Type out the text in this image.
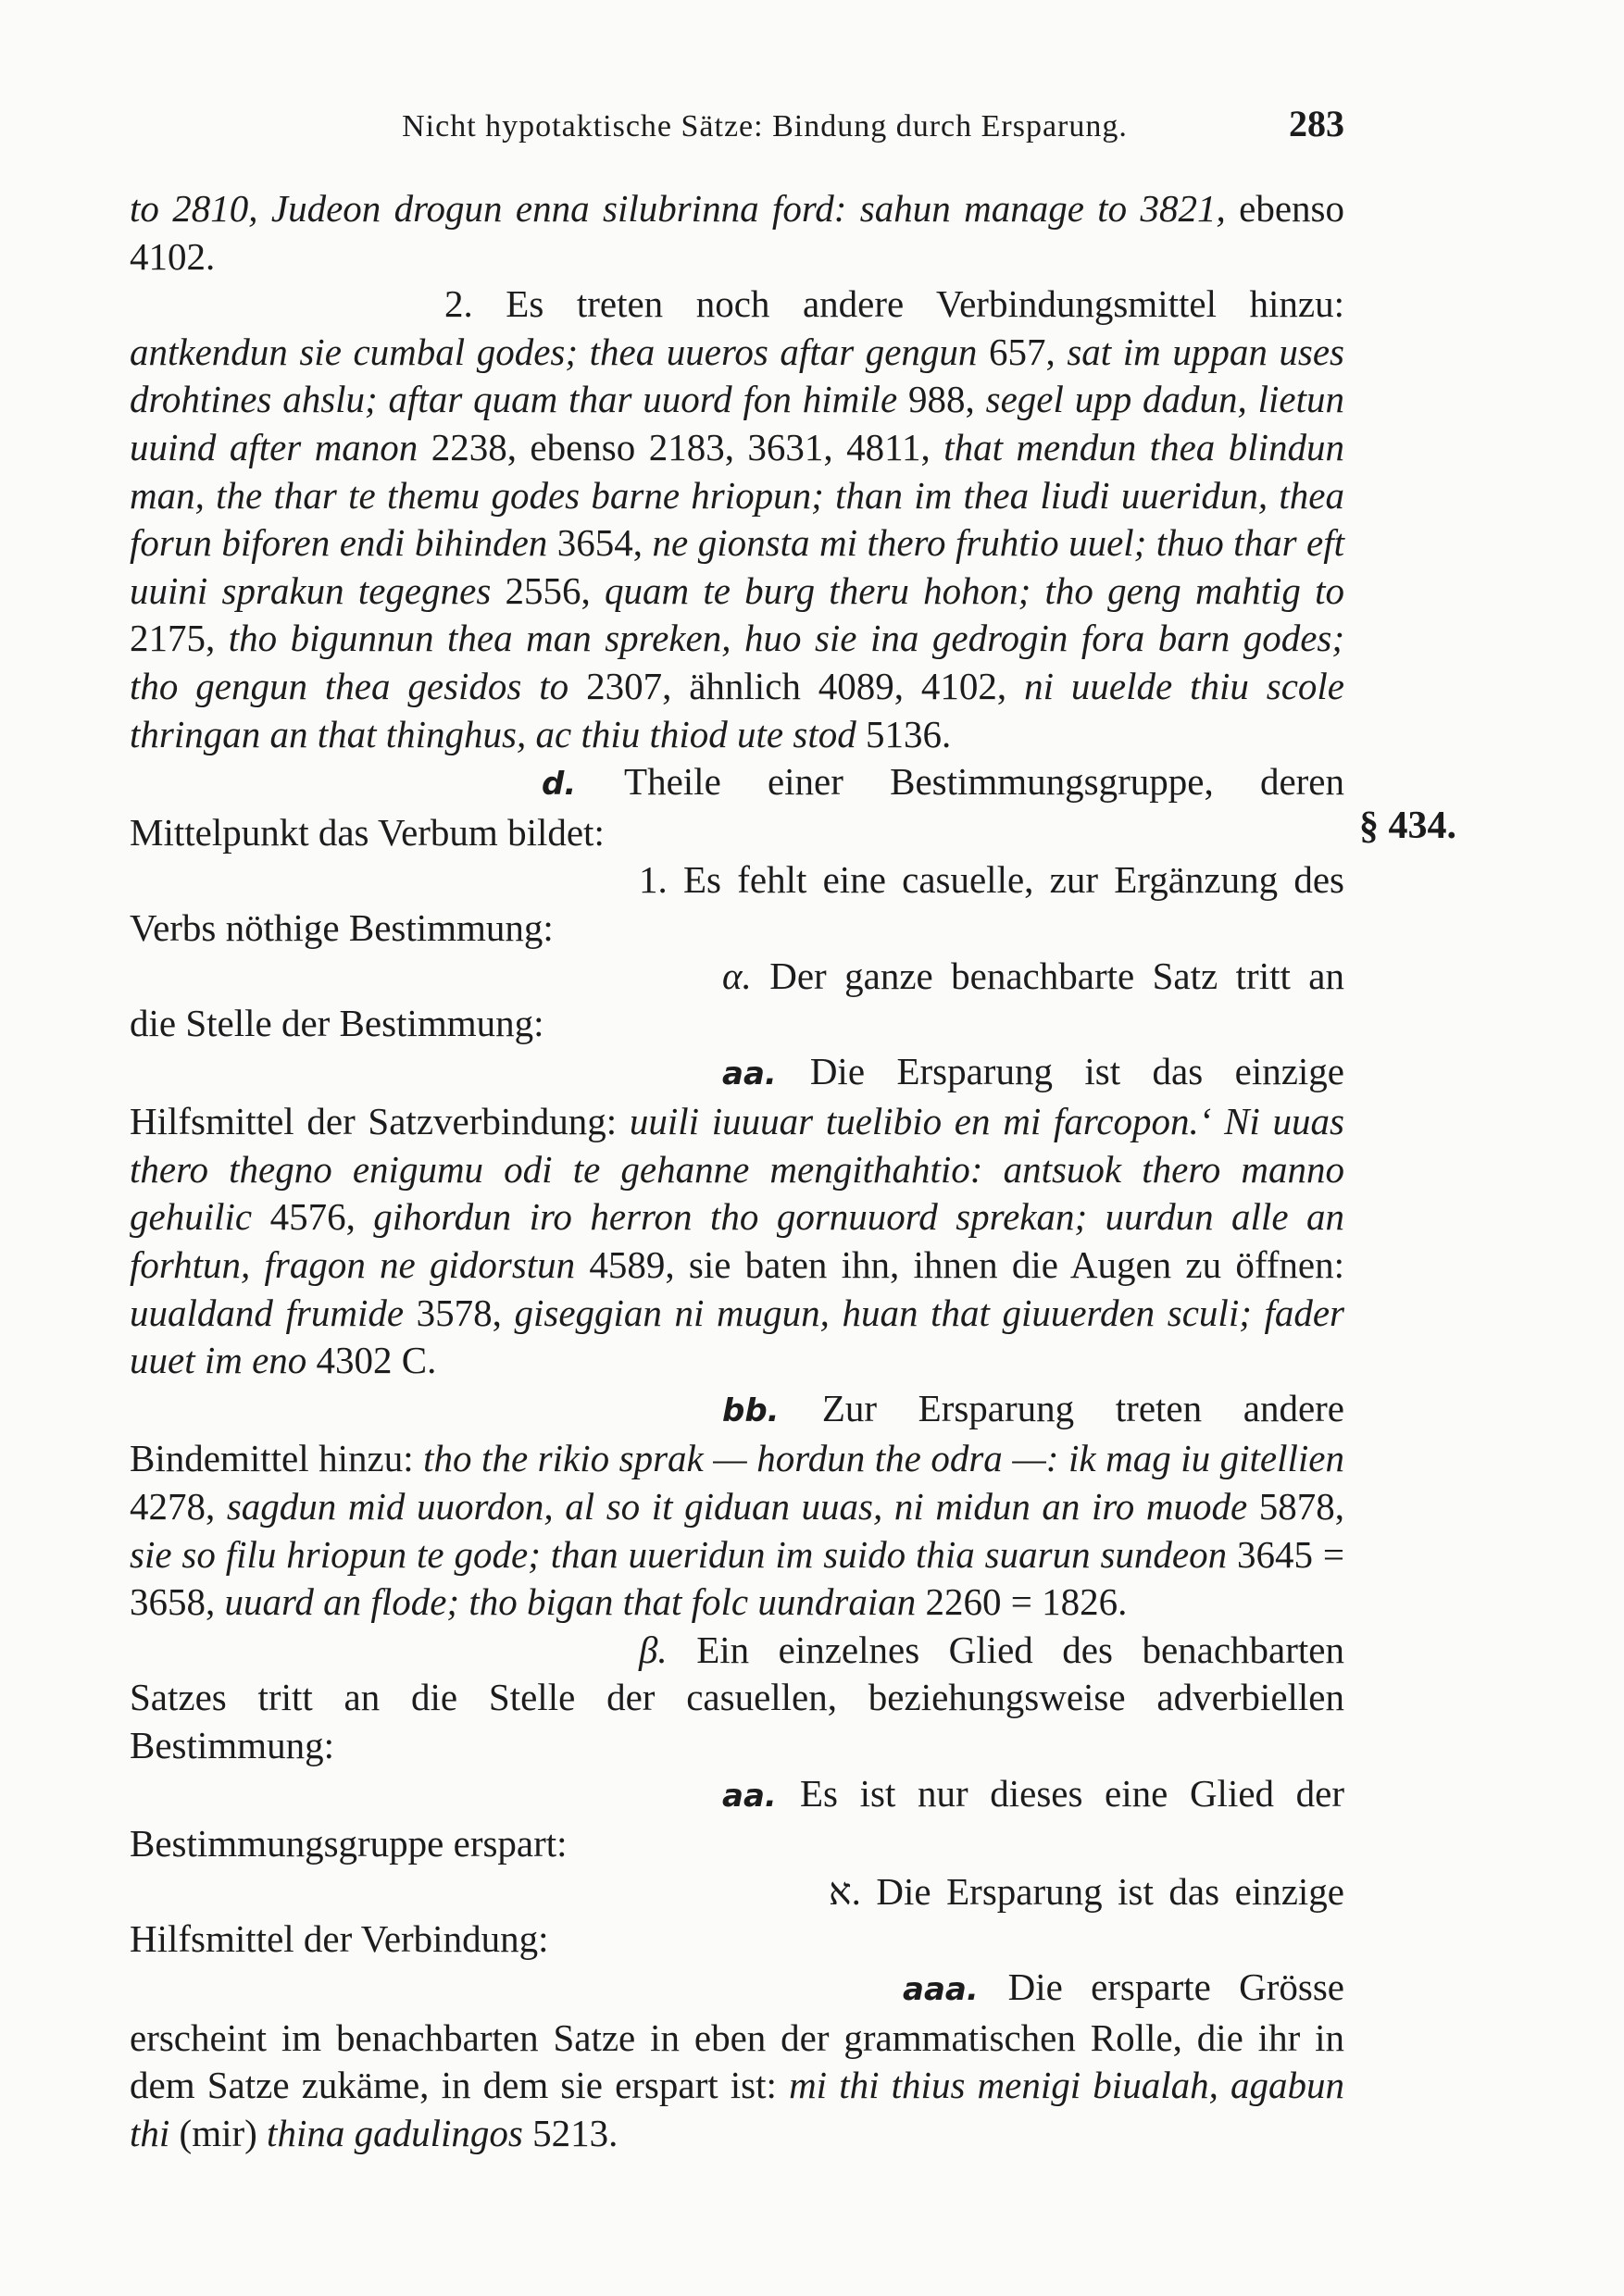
Nicht hypotaktische Sätze: Bindung durch Ersparung.	283
§ 434.

to 2810, Judeon drogun enna silubrinna ford: sahun manage to 3821, ebenso 4102.

2. Es treten noch andere Verbindungsmittel hinzu: antkendun sie cumbal godes; thea uueros aftar gengun 657, sat im uppan uses drohtines ahslu; aftar quam thar uuord fon himile 988, segel upp dadun, lietun uuind after manon 2238, ebenso 2183, 3631, 4811, that mendun thea blindun man, the thar te themu godes barne hriopun; than im thea liudi uueridun, thea forun biforen endi bihinden 3654, ne gionsta mi thero fruhtio uuel; thuo thar eft uuini sprakun tegegnes 2556, quam te burg theru hohon; tho geng mahtig to 2175, tho bigunnun thea man spreken, huo sie ina gedrogin fora barn godes; tho gengun thea gesidos to 2307, ähnlich 4089, 4102, ni uuelde thiu scole thringan an that thinghus, ac thiu thiod ute stod 5136.

d. Theile einer Bestimmungsgruppe, deren Mittelpunkt das Verbum bildet:

1. Es fehlt eine casuelle, zur Ergänzung des Verbs nöthige Bestimmung:

α. Der ganze benachbarte Satz tritt an die Stelle der Bestimmung:

aa. Die Ersparung ist das einzige Hilfsmittel der Satzverbindung: uuili iuuuar tuelibio en mi farcopon.‘ Ni uuas thero thegno enigumu odi te gehanne mengithahtio: antsuok thero manno gehuilic 4576, gihordun iro herron tho gornuuord sprekan; uurdun alle an forhtun, fragon ne gidorstun 4589, sie baten ihn, ihnen die Augen zu öffnen: uualdand frumide 3578, giseggian ni mugun, huan that giuuerden sculi; fader uuet im eno 4302 C.

bb. Zur Ersparung treten andere Bindemittel hinzu: tho the rikio sprak — hordun the odra —: ik mag iu gitellien 4278, sagdun mid uuordon, al so it giduan uuas, ni midun an iro muode 5878, sie so filu hriopun te gode; than uueridun im suido thia suarun sundeon 3645 = 3658, uuard an flode; tho bigan that folc uundraian 2260 = 1826.

β. Ein einzelnes Glied des benachbarten Satzes tritt an die Stelle der casuellen, beziehungsweise adverbiellen Bestimmung:

aa. Es ist nur dieses eine Glied der Bestimmungsgruppe erspart:

א. Die Ersparung ist das einzige Hilfsmittel der Verbindung:

aaa. Die ersparte Grösse erscheint im benachbarten Satze in eben der grammatischen Rolle, die ihr in dem Satze zukäme, in dem sie erspart ist: mi thi thius menigi biualah, agabun thi (mir) thina gadulingos 5213.
